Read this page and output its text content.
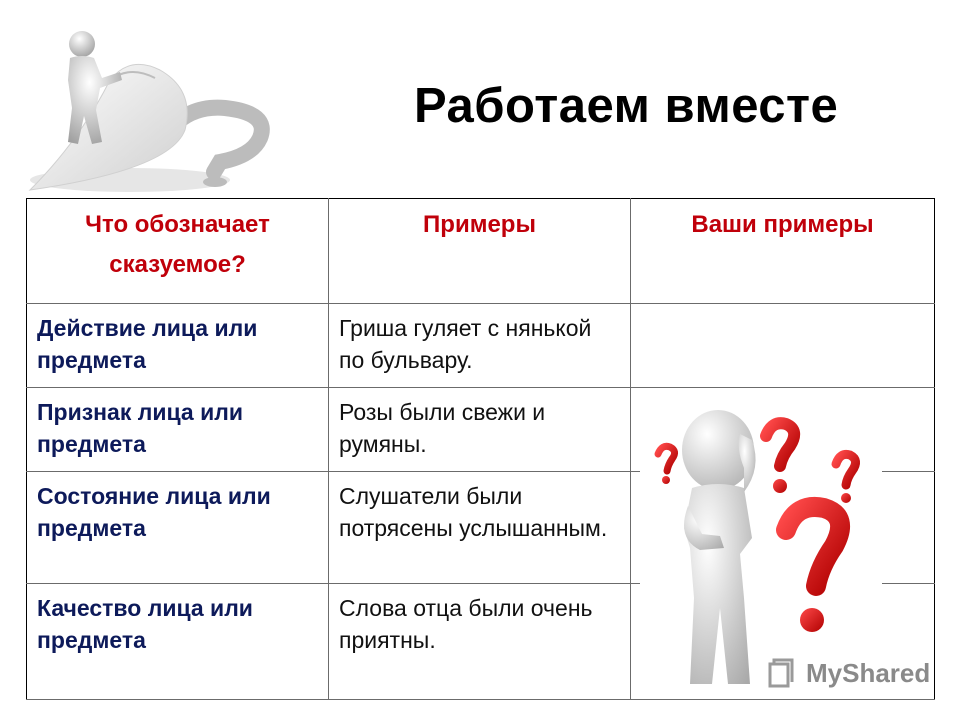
Работаем вместе
Что обозначает сказуемое?	Примеры	Ваши примеры
Действие лица или предмета	Гриша гуляет с нянькой по бульвару.	
Признак лица или предмета	Розы были свежи и румяны.	
Состояние лица или предмета	Слушатели были потрясены услышанным.	
Качество лица или предмета	Слова отца были очень приятны.	
MyShared
